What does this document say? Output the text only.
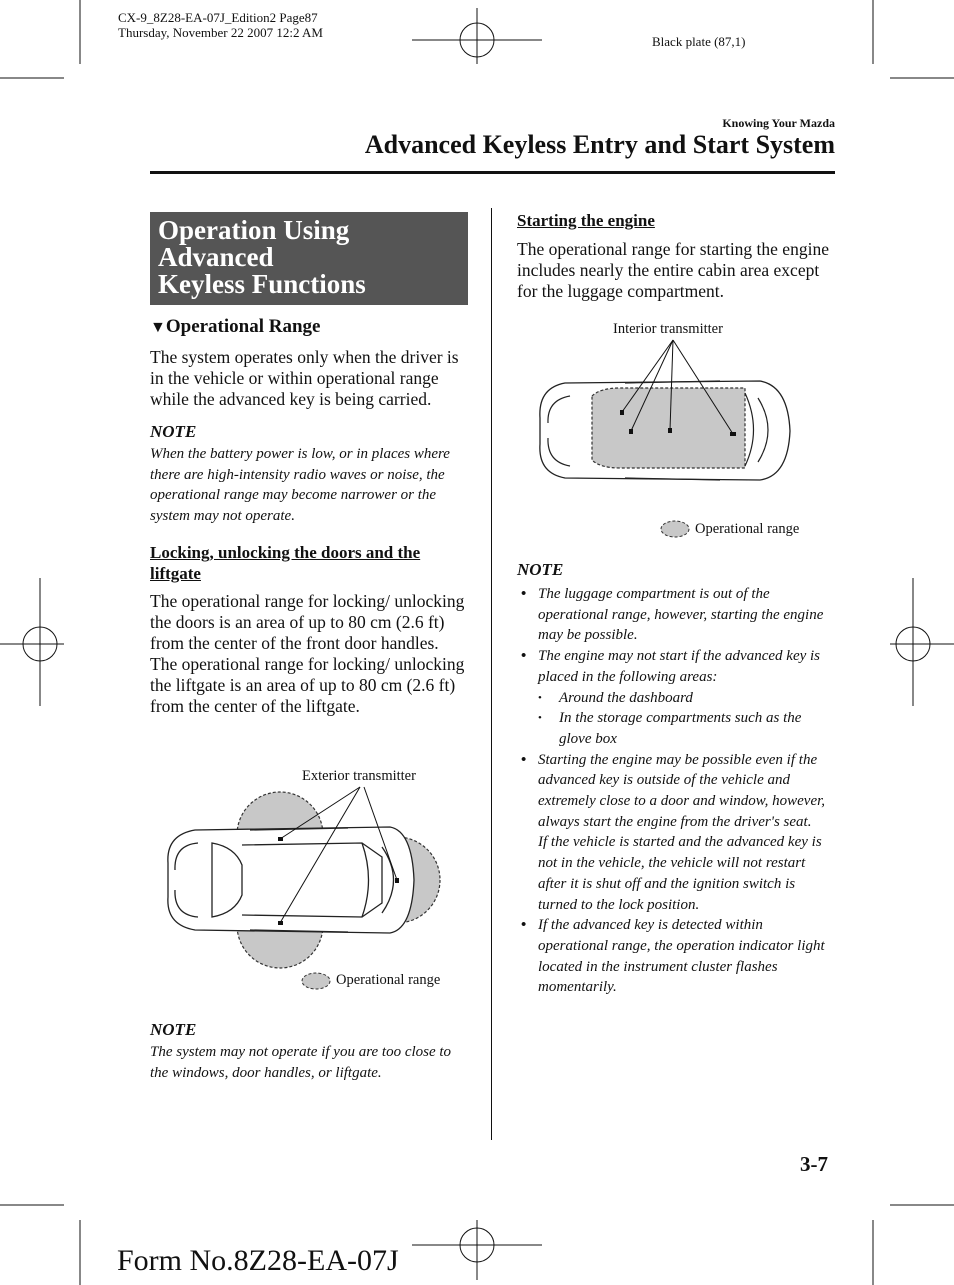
CX-9_8Z28-EA-07J_Edition2 Page87
Thursday, November 22 2007 12:2 AM
Black plate (87,1)
Knowing Your Mazda
Advanced Keyless Entry and Start System
Operation Using Advanced
Keyless Functions
▼Operational Range

The system operates only when the driver is in the vehicle or within operational range while the advanced key is being carried.

NOTE

When the battery power is low, or in places where there are high-intensity radio waves or noise, the operational range may become narrower or the system may not operate.

Locking, unlocking the doors and the liftgate

The operational range for locking/ unlocking the doors is an area of up to 80 cm (2.6 ft) from the center of the front door handles.

The operational range for locking/ unlocking the liftgate is an area of up to 80 cm (2.6 ft) from the center of the liftgate.

Exterior transmitter
Operational range
NOTE

The system may not operate if you are too close to the windows, door handles, or liftgate.

Starting the engine

The operational range for starting the engine includes nearly the entire cabin area except for the luggage compartment.

Interior transmitter
Operational range
NOTE
• The luggage compartment is out of the operational range, however, starting the engine may be possible.
• The engine may not start if the advanced key is placed in the following areas:
• Around the dashboard
• In the storage compartments such as the glove box
• Starting the engine may be possible even if the advanced key is outside of the vehicle and extremely close to a door and window, however, always start the engine from the driver's seat.
If the vehicle is started and the advanced key is not in the vehicle, the vehicle will not restart after it is shut off and the ignition switch is turned to the lock position.
• If the advanced key is detected within operational range, the operation indicator light located in the instrument cluster flashes momentarily.
3-7
Form No.8Z28-EA-07J
